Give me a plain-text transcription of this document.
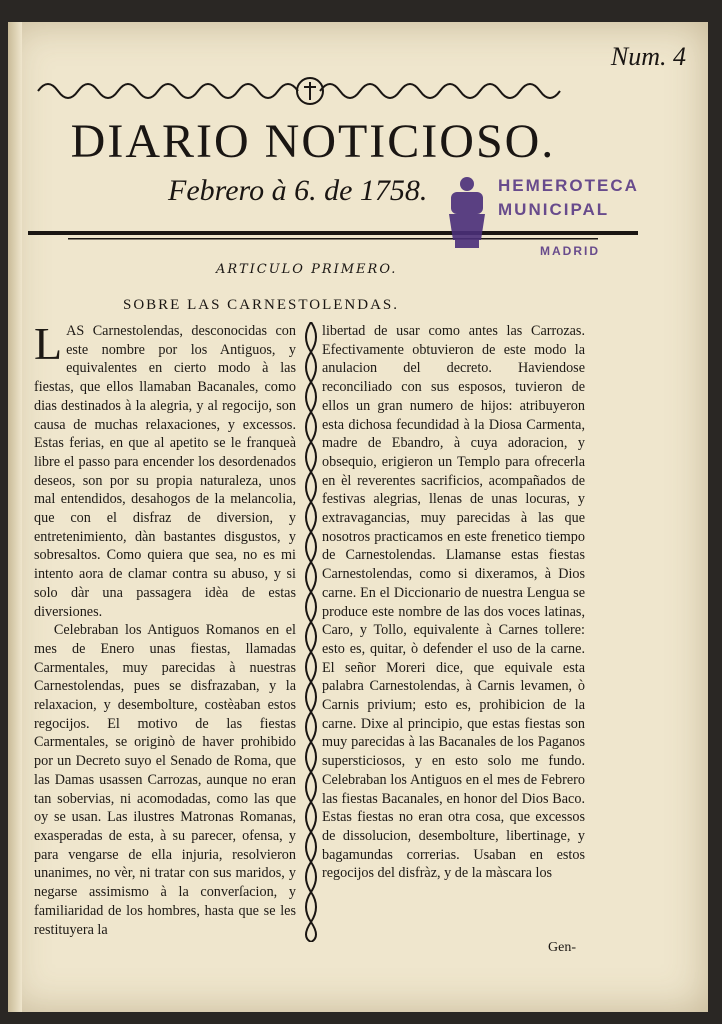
Num. 4
DIARIO NOTICIOSO.
Febrero à 6. de 1758.	HEMEROTECA
MUNICIPAL
MADRID
ARTICULO PRIMERO.
SOBRE LAS CARNESTOLENDAS.
L AS Carnestolendas, desconocidas con este nombre por los Antiguos, y equivalentes en cierto modo à las fiestas, que ellos llamaban Bacanales, como dias destinados à la alegria, y al regocijo, son causa de muchas relaxaciones, y excessos. Estas ferias, en que al apetito se le franqueà libre el passo para encender los desordenados deseos, son por su propia naturaleza, unos mal entendidos, desahogos de la melancolia, que con el disfraz de diversion, y entretenimiento, dàn bastantes disgustos, y sobresaltos. Como quiera que sea, no es mi intento aora de clamar contra su abuso, y si solo dàr una passagera idèa de estas diversiones.

Celebraban los Antiguos Romanos en el mes de Enero unas fiestas, llamadas Carmentales, muy parecidas à nuestras Carnestolendas, pues se disfrazaban, y la relaxacion, y desembolture, costèaban estos regocijos. El motivo de las fiestas Carmentales, se originò de haver prohibido por un Decreto suyo el Senado de Roma, que las Damas usassen Carrozas, aunque no eran tan sobervias, ni acomodadas, como las que oy se usan. Las ilustres Matronas Romanas, exasperadas de esta, à su parecer, ofensa, y para vengarse de ella injuria, resolvieron unanimes, no vèr, ni tratar con sus maridos, y negarse assimismo à la converſacion, y familiaridad de los hombres, hasta que se les restituyera la

libertad de usar como antes las Carrozas. Efectivamente obtuvieron de este modo la anulacion del decreto. Haviendose reconciliado con sus esposos, tuvieron de ellos un gran numero de hijos: atribuyeron esta dichosa fecundidad à la Diosa Carmenta, madre de Ebandro, à cuya adoracion, y obsequio, erigieron un Templo para ofrecerla en èl reverentes sacrificios, acompañados de festivas alegrias, llenas de unas locuras, y extravagancias, muy parecidas à las que nosotros practicamos en este frenetico tiempo de Carnestolendas. Llamanse estas fiestas Carnestolendas, como si dixeramos, à Dios carne. En el Diccionario de nuestra Lengua se produce este nombre de las dos voces latinas, Caro, y Tollo, equivalente à Carnes tollere: esto es, quitar, ò defender el uso de la carne. El señor Moreri dice, que equivale esta palabra Carnestolendas, à Carnis levamen, ò Carnis privium; esto es, prohibicion de la carne. Dixe al principio, que estas fiestas son muy parecidas à las Bacanales de los Paganos supersticiosos, y en esto solo me fundo. Celebraban los Antiguos en el mes de Febrero las fiestas Bacanales, en honor del Dios Baco. Estas fiestas no eran otra cosa, que excessos de dissolucion, desembolture, libertinage, y bagamundas correrias. Usaban en estos regocijos del disfràz, y de la màscara los

Gen-
